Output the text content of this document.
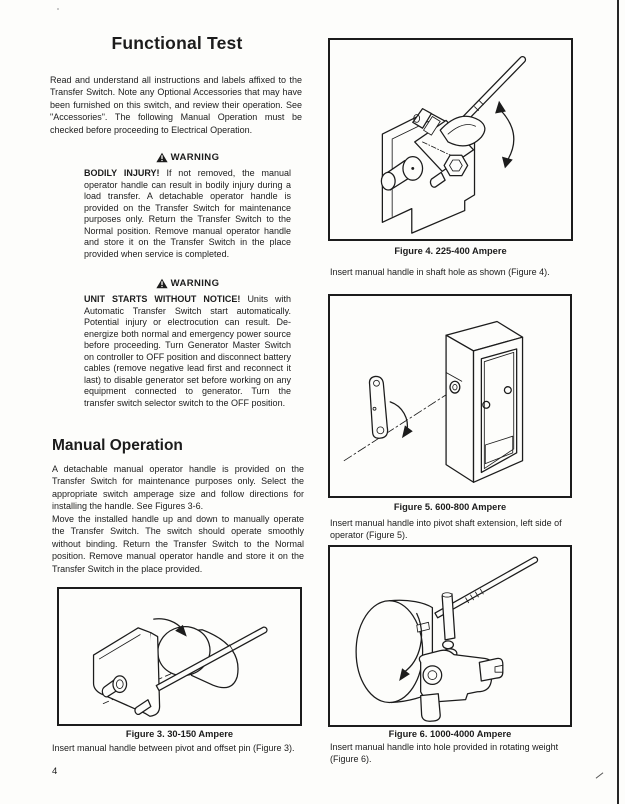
Functional Test

Read and understand all instructions and labels affixed to the Transfer Switch. Note any Optional Accessories that may have been furnished on this switch, and review their operation. See "Accessories". The following Manual Operation must be checked before proceeding to Electrical Operation.

WARNING

BODILY INJURY! If not removed, the manual operator handle can result in bodily injury during a load transfer. A detachable operator handle is provided on the Transfer Switch for maintenance purposes only. Return the Transfer Switch to the Normal position. Remove manual operator handle and store it on the Transfer Switch in the place provided when service is completed.

WARNING

UNIT STARTS WITHOUT NOTICE! Units with Automatic Transfer Switch start automatically. Potential injury or electrocution can result. De-energize both normal and emergency power source before proceeding. Turn Generator Master Switch on controller to OFF position and disconnect battery cables (remove negative lead first and reconnect it last) to disable generator set before working on any equipment connected to generator. Turn the transfer switch selector switch to the OFF position.

Manual Operation

A detachable manual operator handle is provided on the Transfer Switch for maintenance purposes only. Select the appropriate switch amperage size and follow directions for installing the handle. See Figures 3-6.

Move the installed handle up and down to manually operate the Transfer Switch. The switch should operate smoothly without binding. Return the Transfer Switch to the Normal position. Remove manual operator handle and store it on the Transfer Switch in the place provided.

Figure 3. 30-150 Ampere

Insert manual handle between pivot and offset pin (Figure 3).

4
Figure 4. 225-400 Ampere

Insert manual handle in shaft hole as shown (Figure 4).

Figure 5. 600-800 Ampere

Insert manual handle into pivot shaft extension, left side of operator (Figure 5).

Figure 6. 1000-4000 Ampere

Insert manual handle into hole provided in rotating weight (Figure 6).
